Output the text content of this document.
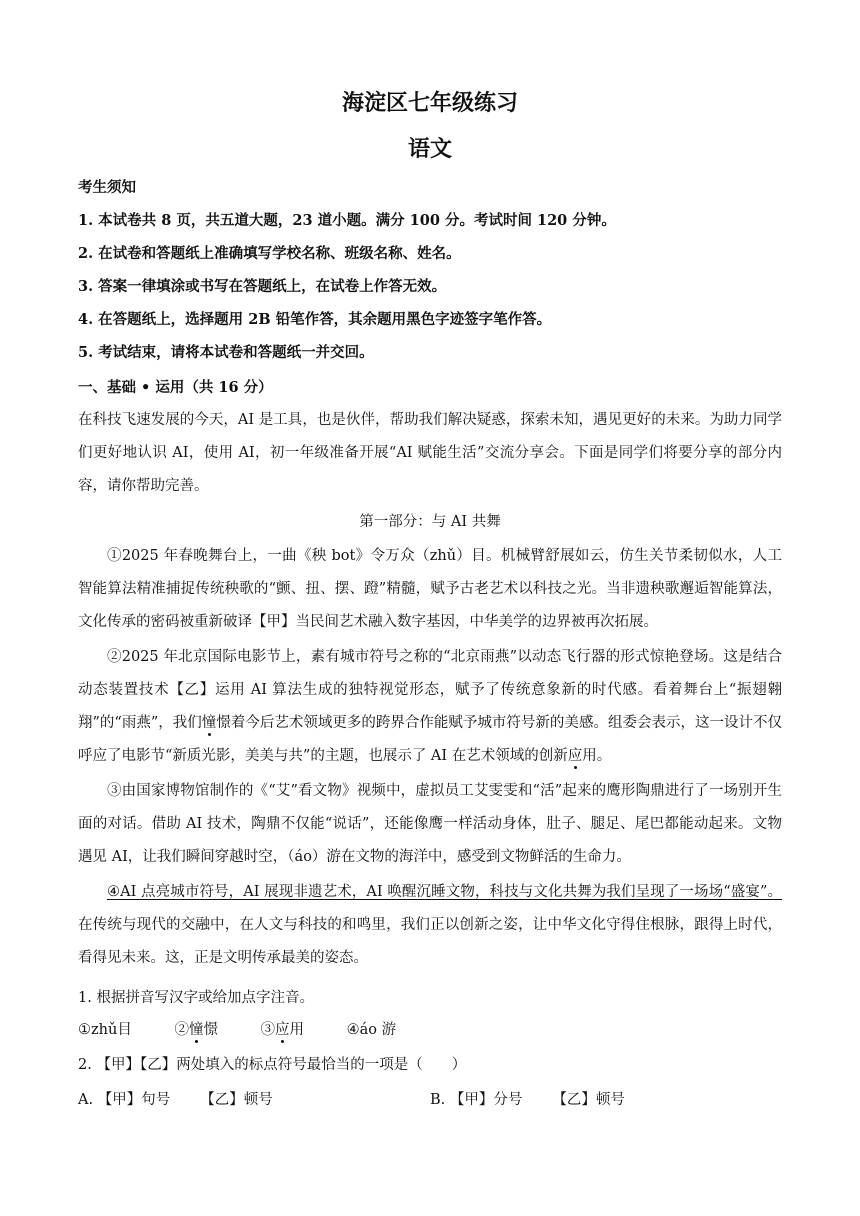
海淀区七年级练习
语文
考生须知
1. 本试卷共 8 页，共五道大题，23 道小题。满分 100 分。考试时间 120 分钟。
2. 在试卷和答题纸上准确填写学校名称、班级名称、姓名。
3. 答案一律填涂或书写在答题纸上，在试卷上作答无效。
4. 在答题纸上，选择题用 2B 铅笔作答，其余题用黑色字迹签字笔作答。
5. 考试结束，请将本试卷和答题纸一并交回。
一、基础 • 运用（共 16 分）
在科技飞速发展的今天，AI 是工具，也是伙伴，帮助我们解决疑惑，探索未知，遇见更好的未来。为助力同学们更好地认识 AI，使用 AI，初一年级准备开展“AI 赋能生活”交流分享会。下面是同学们将要分享的部分内容，请你帮助完善。
第一部分：与 AI 共舞
①2025 年春晚舞台上，一曲《秧 bot》令万众（zhǔ）目。机械臂舒展如云，仿生关节柔韧似水，人工智能算法精准捕捉传统秧歌的“颤、扭、摆、蹬”精髓，赋予古老艺术以科技之光。当非遗秧歌邂逅智能算法，文化传承的密码被重新破译【甲】当民间艺术融入数字基因，中华美学的边界被再次拓展。
②2025 年北京国际电影节上，素有城市符号之称的“北京雨燕”以动态飞行器的形式惊艳登场。这是结合动态装置技术【乙】运用 AI 算法生成的独特视觉形态，赋予了传统意象新的时代感。看着舞台上“振翅翱翔”的“雨燕”，我们憧憬着今后艺术领域更多的跨界合作能赋予城市符号新的美感。组委会表示，这一设计不仅呼应了电影节“新质光影，美美与共”的主题，也展示了 AI 在艺术领域的创新应用。
③由国家博物馆制作的《“艾”看文物》视频中，虚拟员工艾雯雯和“活”起来的鹰形陶鼎进行了一场别开生面的对话。借助 AI 技术，陶鼎不仅能“说话”，还能像鹰一样活动身体，肚子、腿足、尾巴都能动起来。文物遇见 AI，让我们瞬间穿越时空，（áo）游在文物的海洋中，感受到文物鲜活的生命力。
④AI 点亮城市符号，AI 展现非遗艺术，AI 唤醒沉睡文物，科技与文化共舞为我们呈现了一场场“盛宴”。在传统与现代的交融中，在人文与科技的和鸣里，我们正以创新之姿，让中华文化守得住根脉，跟得上时代，看得见未来。这，正是文明传承最美的姿态。
1. 根据拼音写汉字或给加点字注音。
①zhǔ目	②憧憬	③应用	④áo 游
2. 【甲】【乙】两处填入的标点符号最恰当的一项是（　　）
A. 【甲】句号 【乙】顿号	B. 【甲】分号 【乙】顿号
